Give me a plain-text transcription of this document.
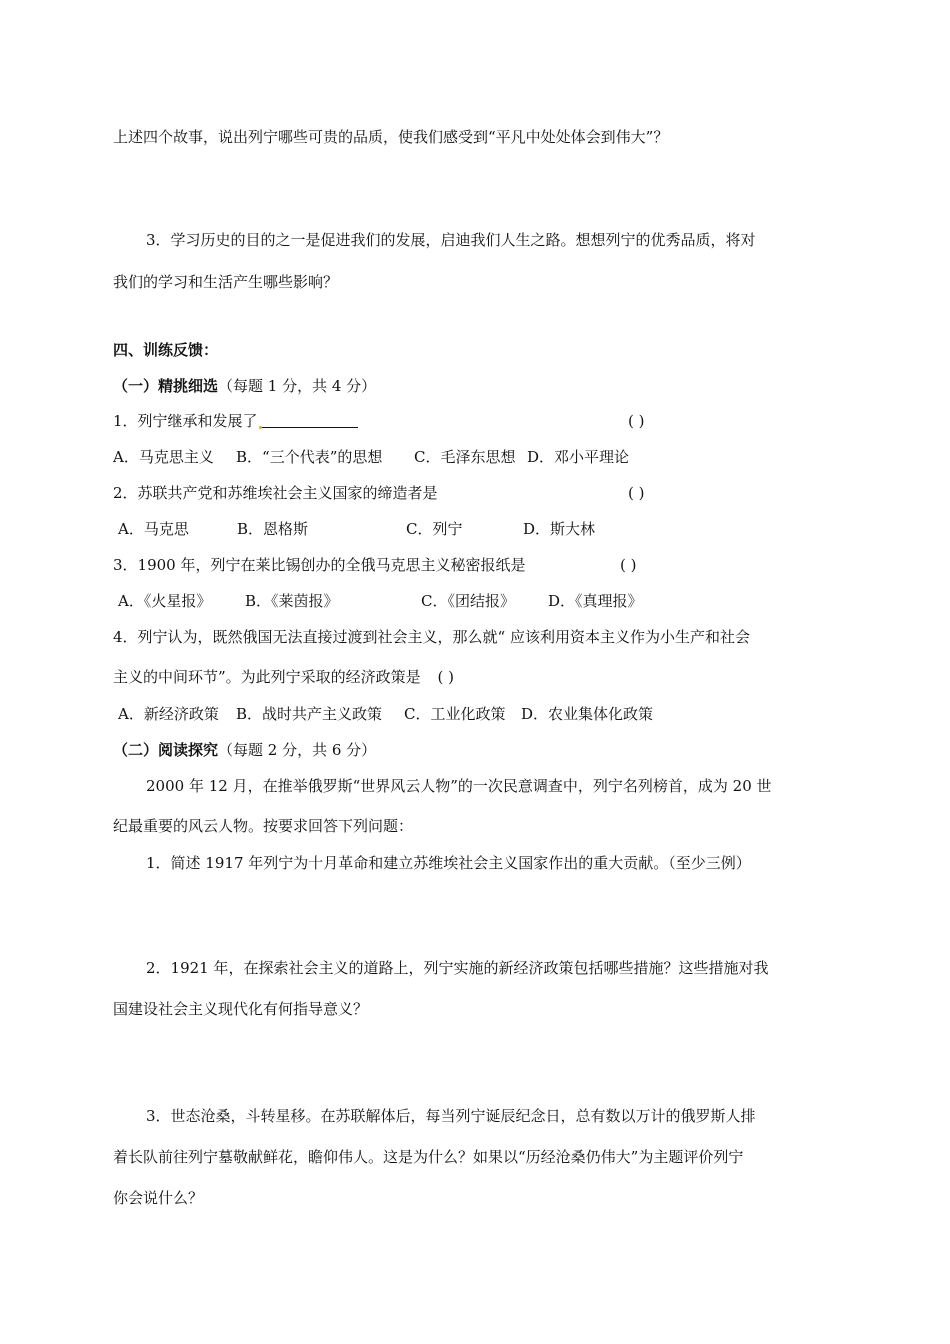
上述四个故事，说出列宁哪些可贵的品质，使我们感受到“平凡中处处体会到伟大”？
3．学习历史的目的之一是促进我们的发展，启迪我们人生之路。想想列宁的优秀品质，将对
我们的学习和生活产生哪些影响？
四、训练反馈：
（一）精挑细选（每题 1 分，共 4 分）
1．列宁继承和发展了	( )
A．马克思主义 B．“三个代表”的思想 C．毛泽东思想 D．邓小平理论
2．苏联共产党和苏维埃社会主义国家的缔造者是	( )
A．马克思	B．恩格斯	C．列宁	D．斯大林
3．1900 年，列宁在莱比锡创办的全俄马克思主义秘密报纸是	( )
A．《火星报》 B．《莱茵报》	C．《团结报》 D．《真理报》
4．列宁认为，既然俄国无法直接过渡到社会主义，那么就“ 应该利用资本主义作为小生产和社会
主义的中间环节”。为此列宁采取的经济政策是 ( )
A．新经济政策 B．战时共产主义政策 C．工业化政策 D．农业集体化政策
（二）阅读探究（每题 2 分，共 6 分）
2000 年 12 月，在推举俄罗斯“世界风云人物”的一次民意调查中，列宁名列榜首，成为 20 世
纪最重要的风云人物。按要求回答下列问题：
1．简述 1917 年列宁为十月革命和建立苏维埃社会主义国家作出的重大贡献。（至少三例）
2．1921 年，在探索社会主义的道路上，列宁实施的新经济政策包括哪些措施？这些措施对我
国建设社会主义现代化有何指导意义？
3．世态沧桑，斗转星移。在苏联解体后，每当列宁诞辰纪念日，总有数以万计的俄罗斯人排
着长队前往列宁墓敬献鲜花，瞻仰伟人。这是为什么？如果以“历经沧桑仍伟大”为主题评价列宁
你会说什么？
